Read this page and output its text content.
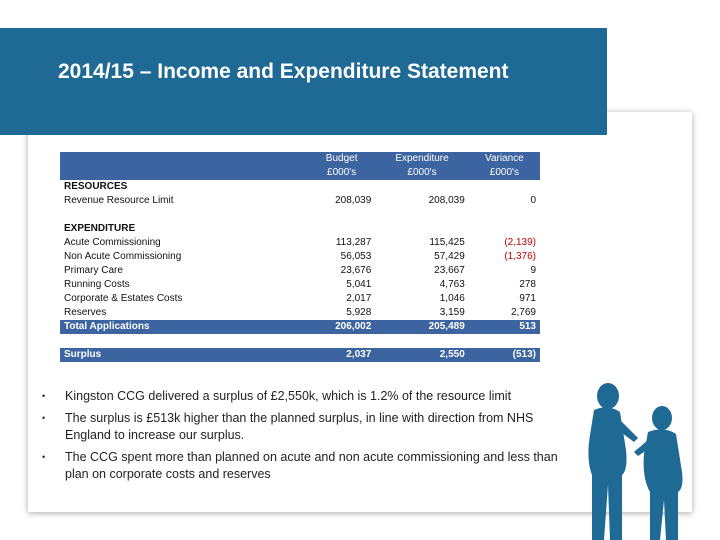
2014/15 – Income and Expenditure Statement
	Budget	Expenditure	Variance
	£000's	£000's	£000's
RESOURCES			
Revenue Resource Limit	208,039	208,039	0

EXPENDITURE			
Acute Commissioning	113,287	115,425	(2,139)
Non Acute Commissioning	56,053	57,429	(1,376)
Primary Care	23,676	23,667	9
Running Costs	5,041	4,763	278
Corporate & Estates Costs	2,017	1,046	971
Reserves	5,928	3,159	2,769
Total Applications	206,002	205,489	513

Surplus	2,037	2,550	(513)
•	Kingston CCG delivered a surplus of £2,550k, which is 1.2% of the resource limit
•	The surplus is £513k higher than the planned surplus, in line with direction from NHS England to increase our surplus.
•	The CCG spent more than planned on acute and non acute commissioning and less than plan on corporate costs and reserves
